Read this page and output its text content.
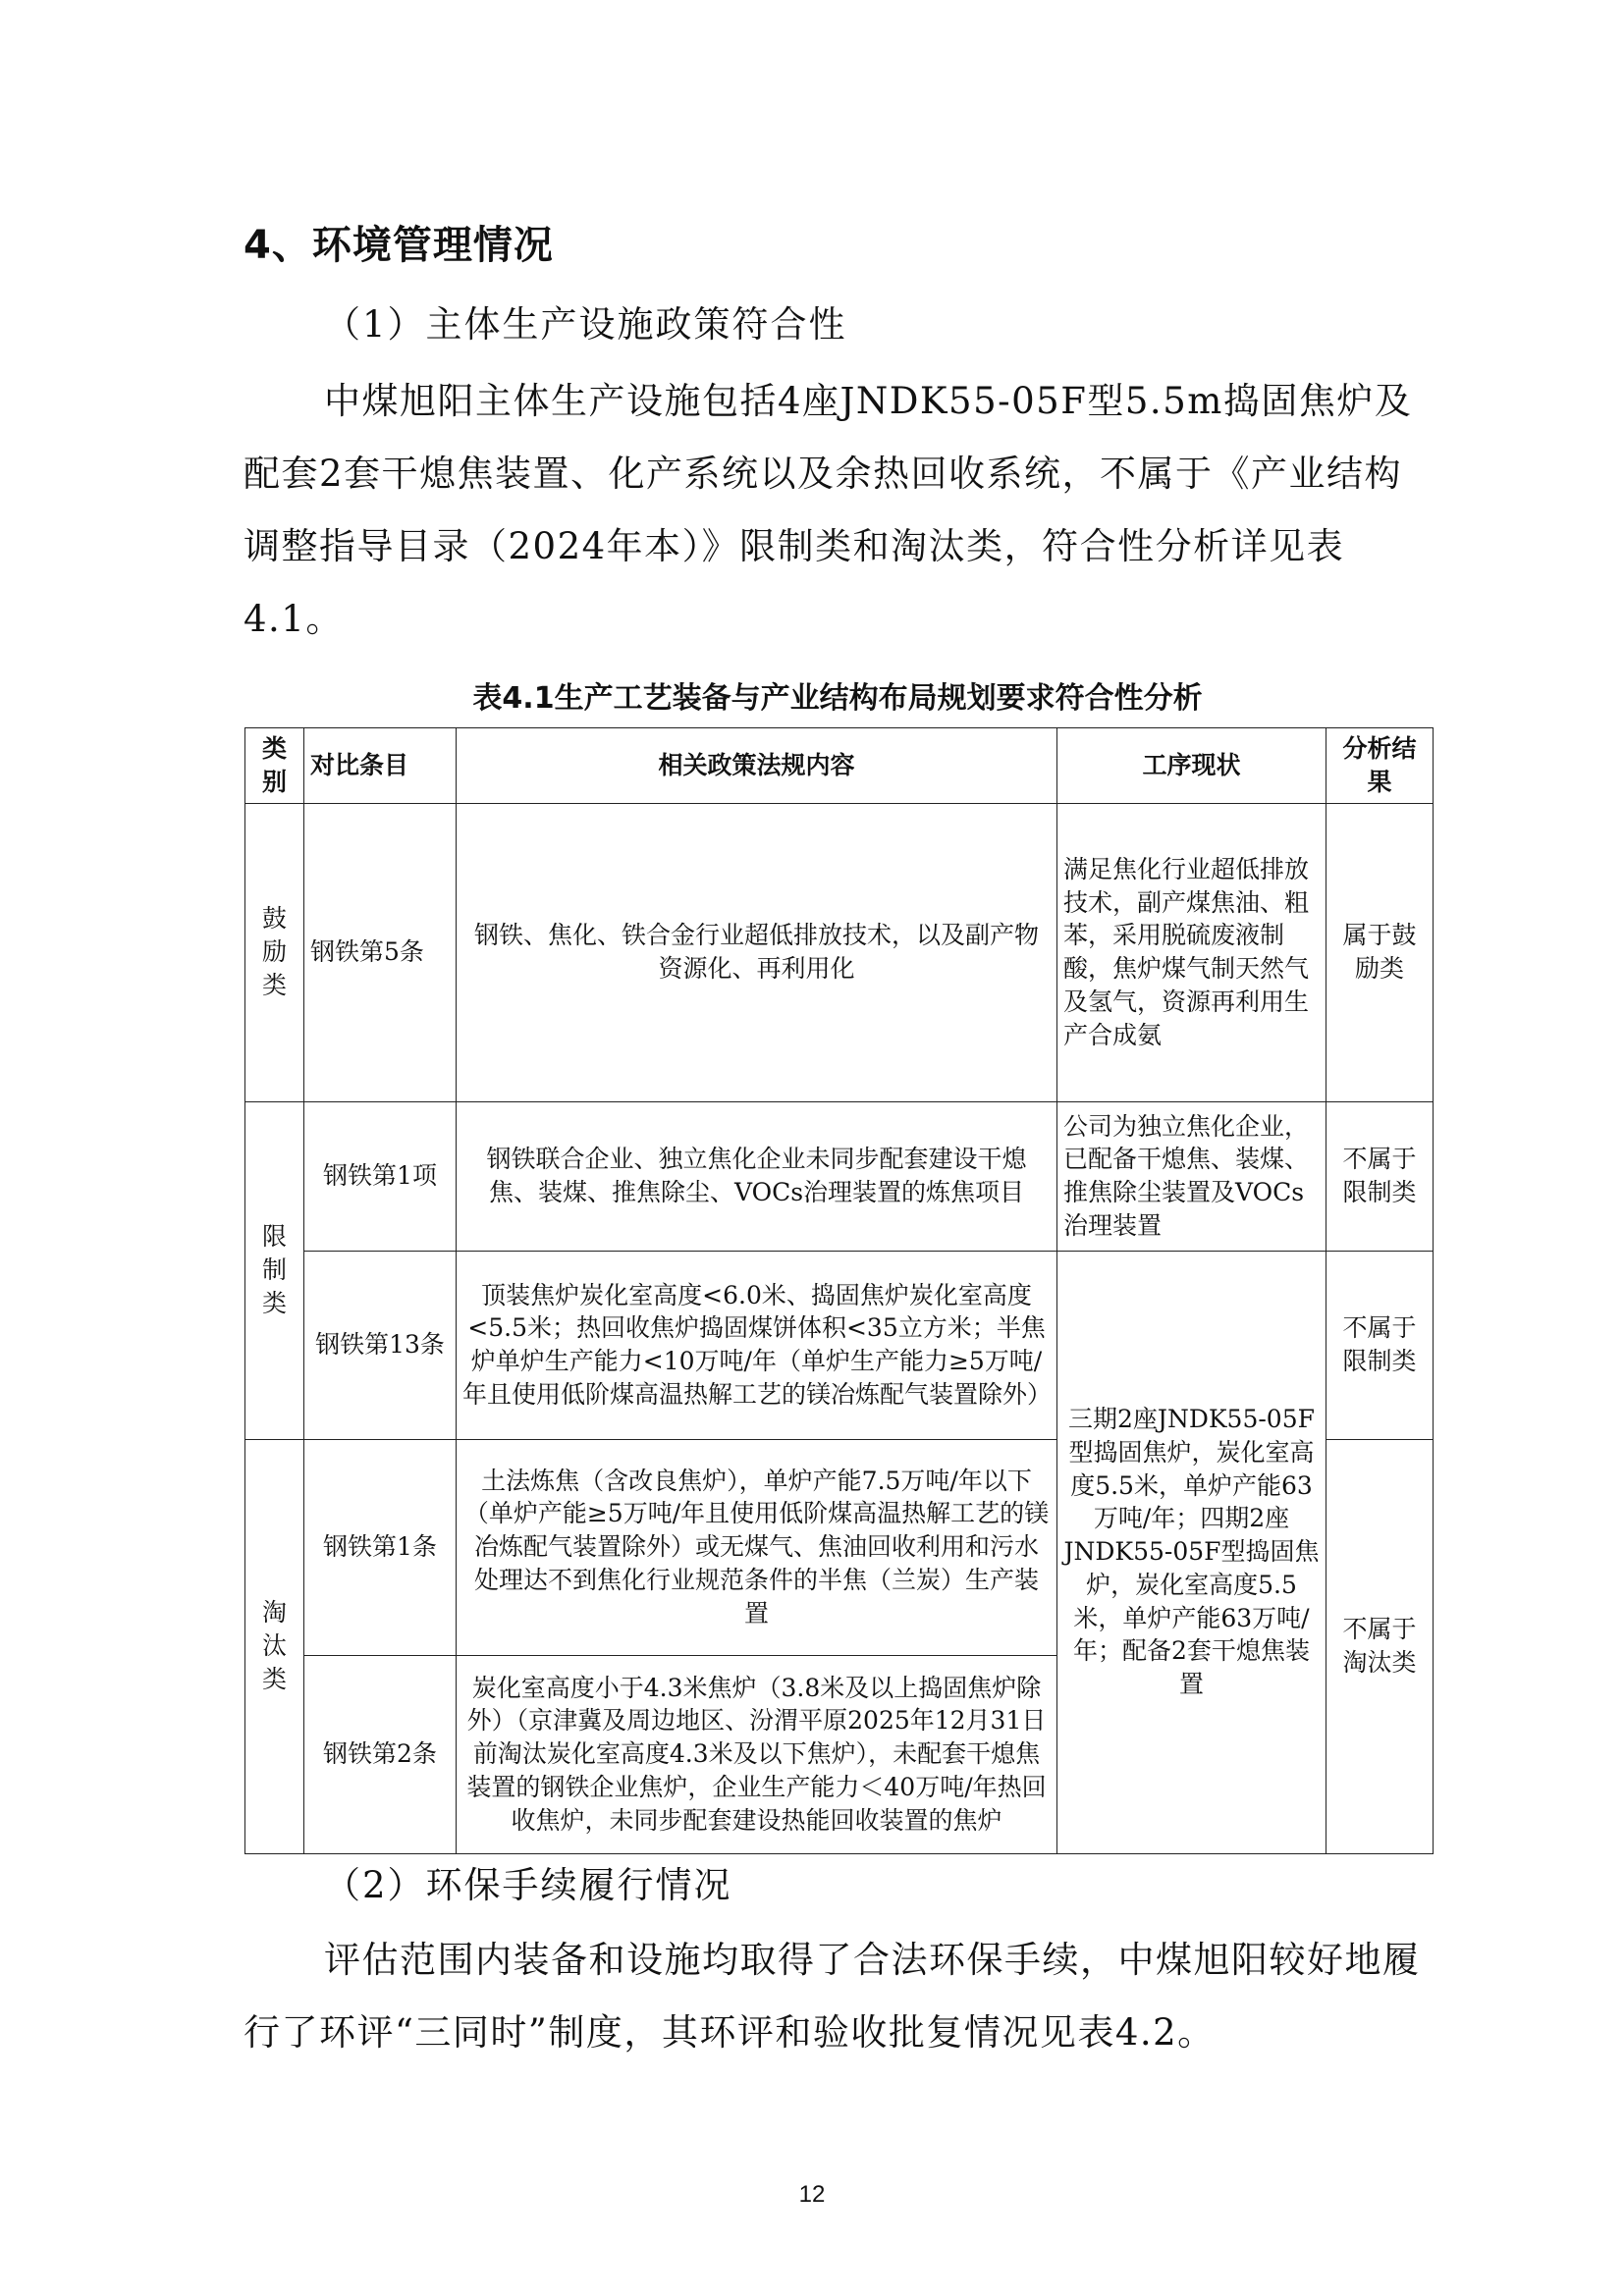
4、环境管理情况
（1）主体生产设施政策符合性

中煤旭阳主体生产设施包括4座JNDK55-05F型5.5m捣固焦炉及配套2套干熄焦装置、化产系统以及余热回收系统，不属于《产业结构调整指导目录（2024年本）》限制类和淘汰类，符合性分析详见表4.1。

表4.1生产工艺装备与产业结构布局规划要求符合性分析
类别	对比条目	相关政策法规内容	工序现状	分析结果
鼓励类	钢铁第5条	钢铁、焦化、铁合金行业超低排放技术，以及副产物资源化、再利用化	满足焦化行业超低排放技术，副产煤焦油、粗苯，采用脱硫废液制酸，焦炉煤气制天然气及氢气，资源再利用生产合成氨	属于鼓励类
限制类	钢铁第1项	钢铁联合企业、独立焦化企业未同步配套建设干熄焦、装煤、推焦除尘、VOCs治理装置的炼焦项目	公司为独立焦化企业，已配备干熄焦、装煤、推焦除尘装置及VOCs治理装置	不属于限制类
	钢铁第13条	顶装焦炉炭化室高度<6.0米、捣固焦炉炭化室高度<5.5米；热回收焦炉捣固煤饼体积<35立方米；半焦炉单炉生产能力<10万吨/年（单炉生产能力≥5万吨/年且使用低阶煤高温热解工艺的镁冶炼配气装置除外）	三期2座JNDK55-05F型捣固焦炉，炭化室高度5.5米，单炉产能63万吨/年；四期2座JNDK55-05F型捣固焦炉，炭化室高度5.5米，单炉产能63万吨/年；配备2套干熄焦装置	不属于限制类
淘汰类	钢铁第1条	土法炼焦（含改良焦炉），单炉产能7.5万吨/年以下（单炉产能≥5万吨/年且使用低阶煤高温热解工艺的镁冶炼配气装置除外）或无煤气、焦油回收利用和污水处理达不到焦化行业规范条件的半焦（兰炭）生产装置		不属于淘汰类
	钢铁第2条	炭化室高度小于4.3米焦炉（3.8米及以上捣固焦炉除外）（京津冀及周边地区、汾渭平原2025年12月31日前淘汰炭化室高度4.3米及以下焦炉），未配套干熄焦装置的钢铁企业焦炉，企业生产能力＜40万吨/年热回收焦炉，未同步配套建设热能回收装置的焦炉		
（2）环保手续履行情况

评估范围内装备和设施均取得了合法环保手续，中煤旭阳较好地履行了环评“三同时”制度，其环评和验收批复情况见表4.2。

12
